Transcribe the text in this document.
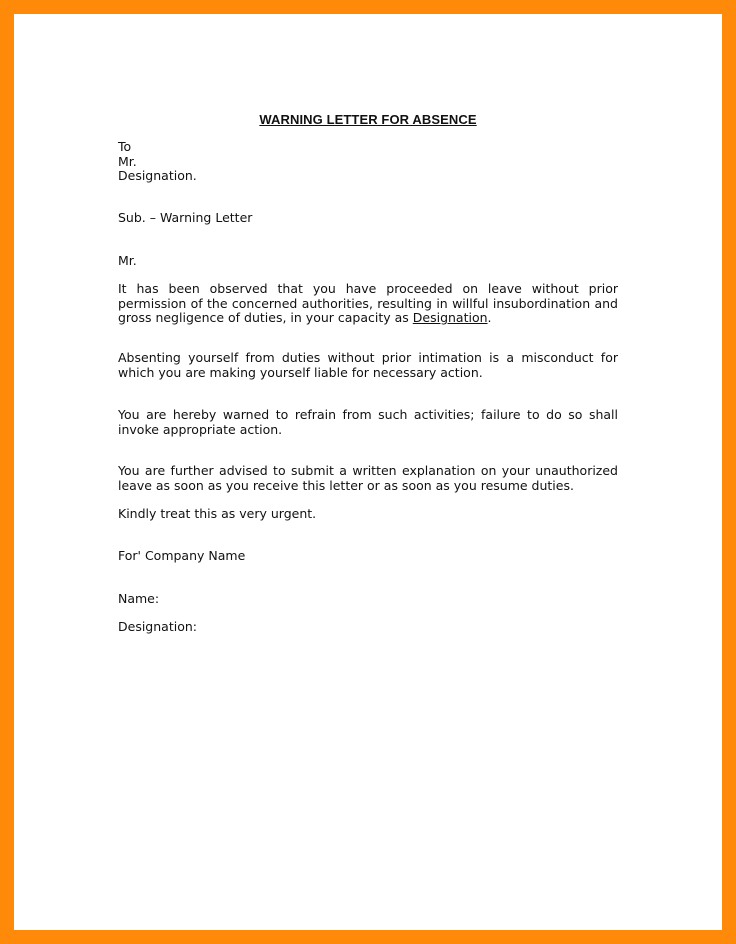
WARNING LETTER FOR ABSENCE
To
Mr.
Designation.
Sub. – Warning Letter
Mr.
It has been observed that you have proceeded on leave without prior permission of the concerned authorities, resulting in willful insubordination and gross negligence of duties, in your capacity as Designation.
Absenting yourself from duties without prior intimation is a misconduct for which you are making yourself liable for necessary action.
You are hereby warned to refrain from such activities; failure to do so shall invoke appropriate action.
You are further advised to submit a written explanation on your unauthorized leave as soon as you receive this letter or as soon as you resume duties.
Kindly treat this as very urgent.
For' Company Name
Name:
Designation:
